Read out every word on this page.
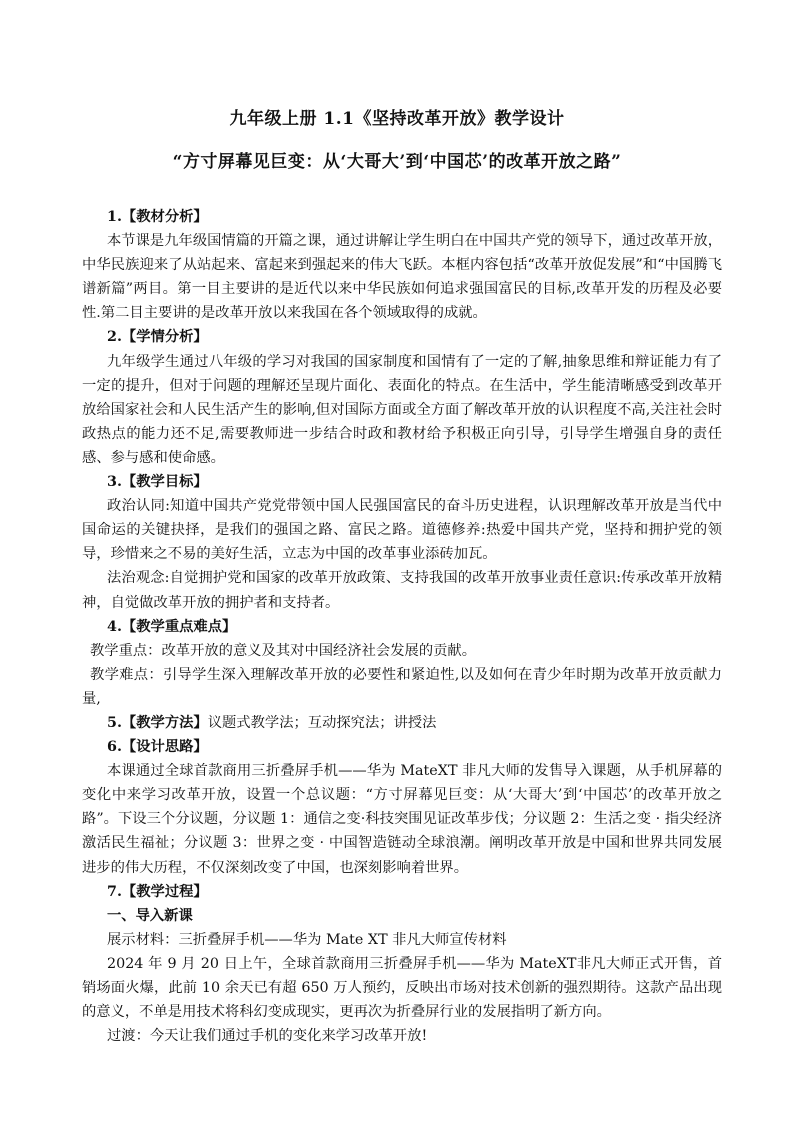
九年级上册 1.1《坚持改革开放》教学设计
“方寸屏幕见巨变：从‘大哥大’到‘中国芯’的改革开放之路”

1.【教材分析】

本节课是九年级国情篇的开篇之课，通过讲解让学生明白在中国共产党的领导下，通过改革开放，中华民族迎来了从站起来、富起来到强起来的伟大飞跃。本框内容包括“改革开放促发展”和“中国腾飞谱新篇”两目。第一目主要讲的是近代以来中华民族如何追求强国富民的目标,改革开发的历程及必要性.第二目主要讲的是改革开放以来我国在各个领域取得的成就。

2.【学情分析】

九年级学生通过八年级的学习对我国的国家制度和国情有了一定的了解,抽象思维和辩证能力有了一定的提升，但对于问题的理解还呈现片面化、表面化的特点。在生活中，学生能清晰感受到改革开放给国家社会和人民生活产生的影响,但对国际方面或全方面了解改革开放的认识程度不高,关注社会时政热点的能力还不足,需要教师进一步结合时政和教材给予积极正向引导，引导学生增强自身的责任感、参与感和使命感。

3.【教学目标】

政治认同:知道中国共产党党带领中国人民强国富民的奋斗历史进程，认识理解改革开放是当代中国命运的关键抉择，是我们的强国之路、富民之路。道德修养:热爱中国共产党，坚持和拥护党的领导，珍惜来之不易的美好生活，立志为中国的改革事业添砖加瓦。

法治观念:自觉拥护党和国家的改革开放政策、支持我国的改革开放事业责任意识:传承改革开放精神，自觉做改革开放的拥护者和支持者。

4.【教学重点难点】

教学重点：改革开放的意义及其对中国经济社会发展的贡献。

教学难点：引导学生深入理解改革开放的必要性和紧迫性,以及如何在青少年时期为改革开放贡献力量,

5.【教学方法】议题式教学法；互动探究法；讲授法

6.【设计思路】

本课通过全球首款商用三折叠屏手机——华为 MateXT 非凡大师的发售导入课题，从手机屏幕的变化中来学习改革开放，设置一个总议题：“方寸屏幕见巨变：从‘大哥大’到‘中国芯’的改革开放之路”。下设三个分议题，分议题 1：通信之变·科技突围见证改革步伐；分议题 2：生活之变 · 指尖经济激活民生福祉；分议题 3：世界之变 · 中国智造链动全球浪潮。阐明改革开放是中国和世界共同发展进步的伟大历程，不仅深刻改变了中国，也深刻影响着世界。

7.【教学过程】

一、导入新课

展示材料：三折叠屏手机——华为 Mate XT 非凡大师宣传材料

2024 年 9 月 20 日上午，全球首款商用三折叠屏手机——华为 MateXT非凡大师正式开售，首销场面火爆，此前 10 余天已有超 650 万人预约，反映出市场对技术创新的强烈期待。这款产品出现的意义，不单是用技术将科幻变成现实，更再次为折叠屏行业的发展指明了新方向。

过渡：今天让我们通过手机的变化来学习改革开放!
